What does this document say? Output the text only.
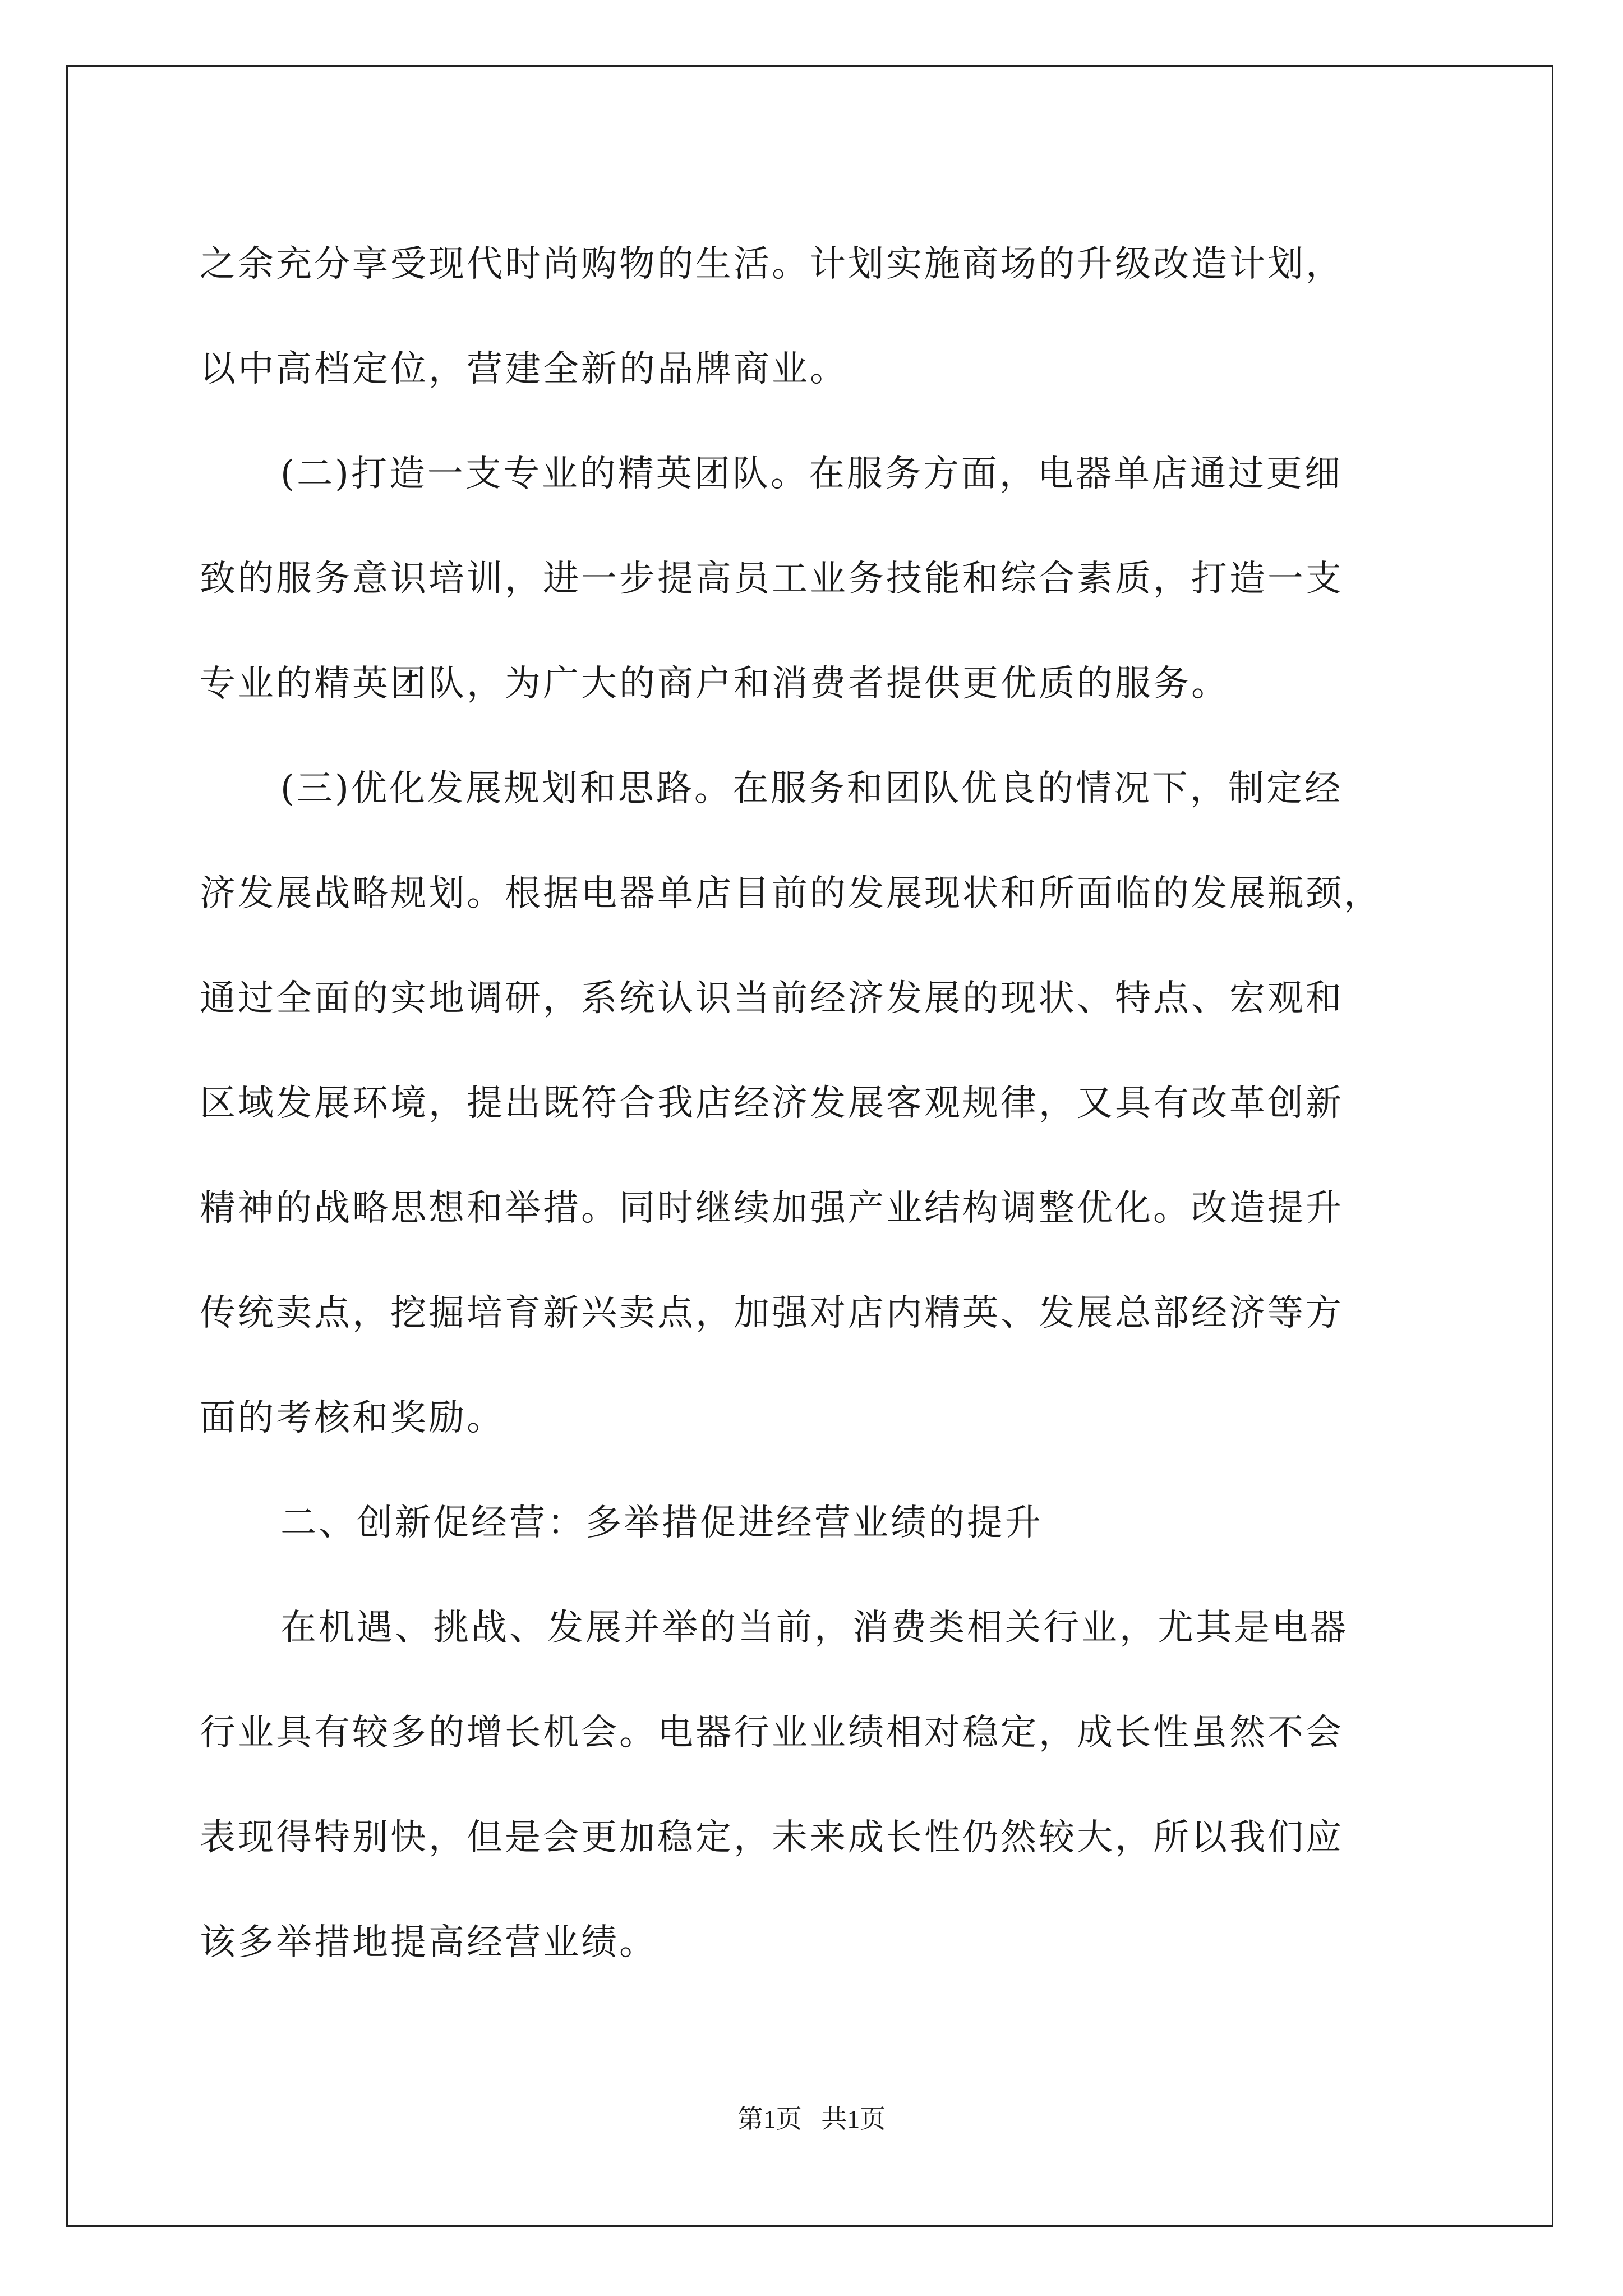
之余充分享受现代时尚购物的生活。计划实施商场的升级改造计划，
以中高档定位，营建全新的品牌商业。
(二)打造一支专业的精英团队。在服务方面，电器单店通过更细
致的服务意识培训，进一步提高员工业务技能和综合素质，打造一支
专业的精英团队，为广大的商户和消费者提供更优质的服务。
(三)优化发展规划和思路。在服务和团队优良的情况下，制定经
济发展战略规划。根据电器单店目前的发展现状和所面临的发展瓶颈，
通过全面的实地调研，系统认识当前经济发展的现状、特点、宏观和
区域发展环境，提出既符合我店经济发展客观规律，又具有改革创新
精神的战略思想和举措。同时继续加强产业结构调整优化。改造提升
传统卖点，挖掘培育新兴卖点，加强对店内精英、发展总部经济等方
面的考核和奖励。
二、创新促经营：多举措促进经营业绩的提升
在机遇、挑战、发展并举的当前，消费类相关行业，尤其是电器
行业具有较多的增长机会。电器行业业绩相对稳定，成长性虽然不会
表现得特别快，但是会更加稳定，未来成长性仍然较大，所以我们应
该多举措地提高经营业绩。
第1页   共1页
